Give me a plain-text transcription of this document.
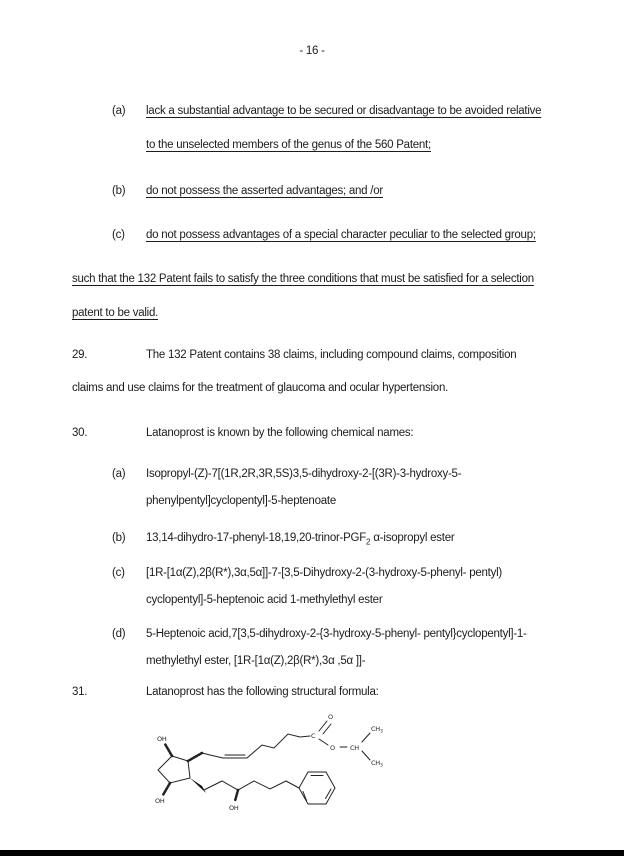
- 16 -
(a) lack a substantial advantage to be secured or disadvantage to be avoided relative
to the unselected members of the genus of the 560 Patent;
(b) do not possess the asserted advantages; and /or
(c) do not possess advantages of a special character peculiar to the selected group;
such that the 132 Patent fails to satisfy the three conditions that must be satisfied for a selection
patent to be valid.
29.	The 132 Patent contains 38 claims, including compound claims, composition
claims and use claims for the treatment of glaucoma and ocular hypertension.
30.	Latanoprost is known by the following chemical names:
(a) Isopropyl-(Z)-7[(1R,2R,3R,5S)3,5-dihydroxy-2-[(3R)-3-hydroxy-5-
phenylpentyl]cyclopentyl]-5-heptenoate
(b) $13,14-dihydro-17-phenyl-18,19,20-trinor-PGF_2$ α-isopropyl ester
(c) [1R-[1α(Z),2β(R*),3α,5α]]-7-[3,5-Dihydroxy-2-(3-hydroxy-5-phenyl- pentyl)
cyclopentyl]-5-heptenoic acid 1-methylethyl ester
(d) 5-Heptenoic acid,7[3,5-dihydroxy-2-{3-hydroxy-5-phenyl- pentyl}cyclopentyl]-1-
methylethyl ester, [1R-[1α(Z),2β(R*),3α ,5α ]]-
31.	Latanoprost has the following structural formula:
OH
OH
OH
C
O
O CH
$CH_3$
$CH_3$
